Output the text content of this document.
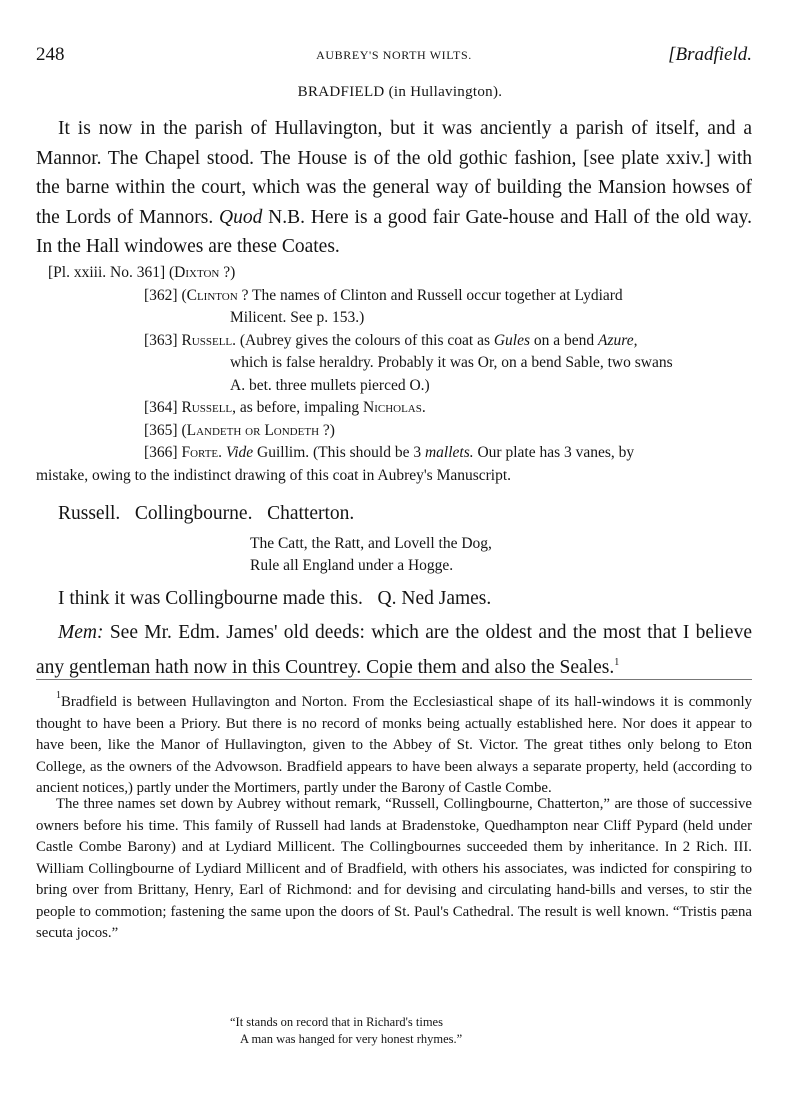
248	AUBREY'S NORTH WILTS.	[Bradfield.
BRADFIELD (in Hullavington).
It is now in the parish of Hullavington, but it was anciently a parish of itself, and a Mannor. The Chapel stood. The House is of the old gothic fashion, [see plate xxiv.] with the barne within the court, which was the general way of building the Mansion howses of the Lords of Mannors. Quod N.B. Here is a good fair Gate-house and Hall of the old way. In the Hall windowes are these Coates.
[Pl. xxiii. No. 361] (Dixton ?)
[362] (Clinton ? The names of Clinton and Russell occur together at Lydiard
Milicent. See p. 153.)
[363] Russell. (Aubrey gives the colours of this coat as Gules on a bend Azure,
which is false heraldry. Probably it was Or, on a bend Sable, two swans
A. bet. three mullets pierced O.)
[364] Russell, as before, impaling Nicholas.
[365] (Landeth or Londeth ?)
[366] Forte. Vide Guillim. (This should be 3 mallets. Our plate has 3 vanes, by
mistake, owing to the indistinct drawing of this coat in Aubrey's Manuscript.
Russell.   Collingbourne.   Chatterton.
The Catt, the Ratt, and Lovell the Dog,
Rule all England under a Hogge.
I think it was Collingbourne made this.   Q. Ned James.
Mem: See Mr. Edm. James' old deeds: which are the oldest and the most that I believe any gentleman hath now in this Countrey. Copie them and also the Seales.$^1$
$^1$Bradfield is between Hullavington and Norton. From the Ecclesiastical shape of its hall-windows it is commonly thought to have been a Priory. But there is no record of monks being actually established here. Nor does it appear to have been, like the Manor of Hullavington, given to the Abbey of St. Victor. The great tithes only belong to Eton College, as the owners of the Advowson. Bradfield appears to have been always a separate property, held (according to ancient notices,) partly under the Mortimers, partly under the Barony of Castle Combe.
The three names set down by Aubrey without remark, “Russell, Collingbourne, Chatterton,” are those of successive owners before his time. This family of Russell had lands at Bradenstoke, Quedhampton near Cliff Pypard (held under Castle Combe Barony) and at Lydiard Millicent. The Collingbournes succeeded them by inheritance. In 2 Rich. III. William Collingbourne of Lydiard Millicent and of Bradfield, with others his associates, was indicted for conspiring to bring over from Brittany, Henry, Earl of Richmond: and for devising and circulating hand-bills and verses, to stir the people to commotion; fastening the same upon the doors of St. Paul's Cathedral. The result is well known. “Tristis pæna secuta jocos.”
“It stands on record that in Richard's times
A man was hanged for very honest rhymes.”
